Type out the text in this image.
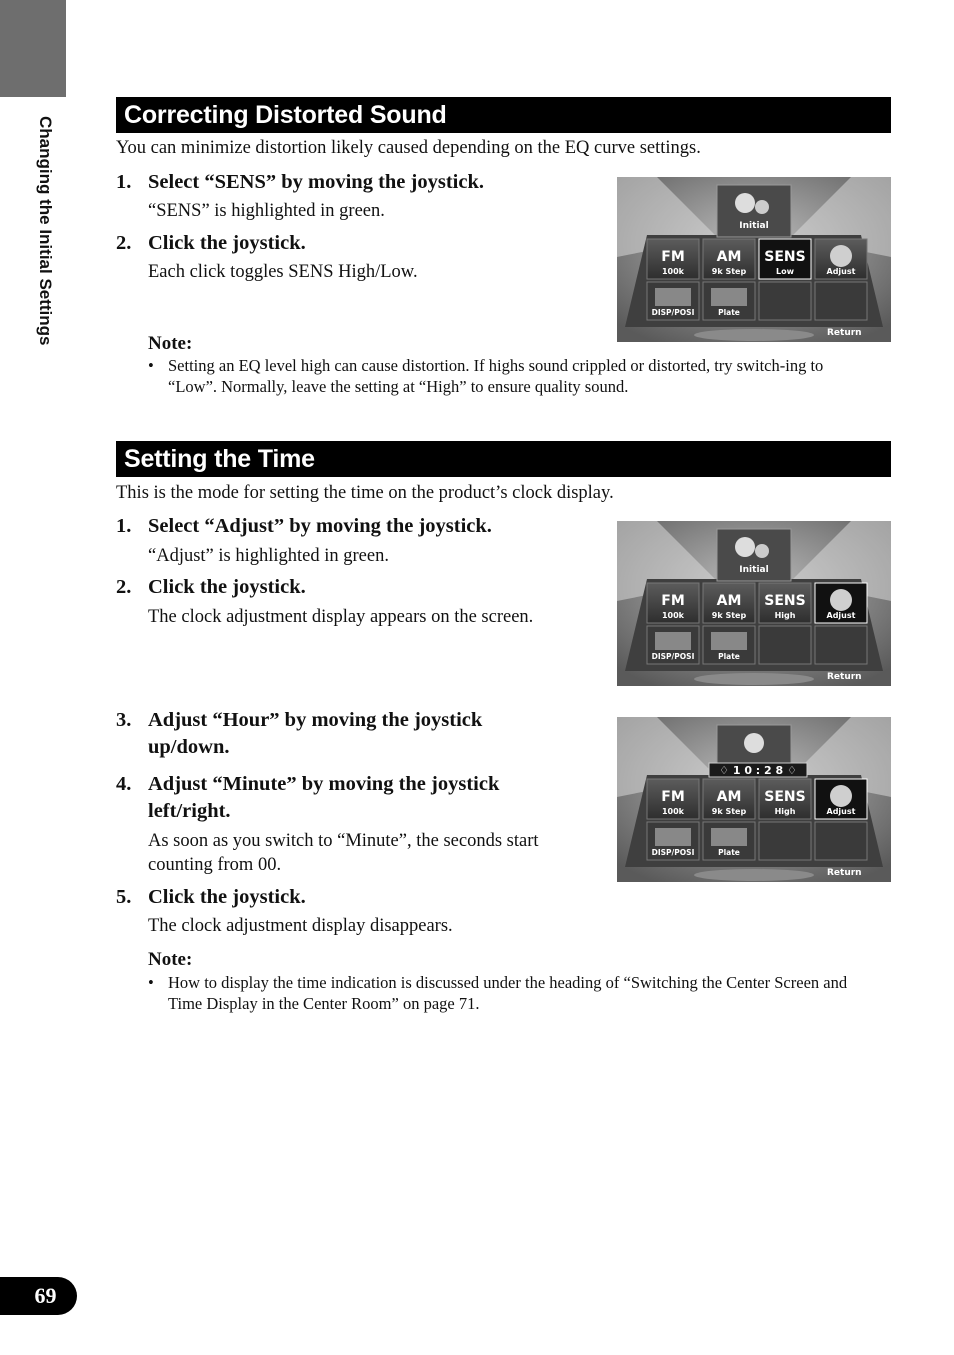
Changing the Initial Settings
Correcting Distorted Sound
You can minimize distortion likely caused depending on the EQ curve settings.
1. Select “SENS” by moving the joystick.
“SENS” is highlighted in green.
2. Click the joystick.
Each click toggles SENS High/Low.
Note:
• Setting an EQ level high can cause distortion. If highs sound crippled or distorted, try switch-ing to “Low”. Normally, leave the setting at “High” to ensure quality sound.
Setting the Time
This is the mode for setting the time on the product’s clock display.
1. Select “Adjust” by moving the joystick.
“Adjust” is highlighted in green.
2. Click the joystick.
The clock adjustment display appears on the screen.
3. Adjust “Hour” by moving the joystick up/down.
4. Adjust “Minute” by moving the joystick left/right.
As soon as you switch to “Minute”, the seconds start counting from 00.
5. Click the joystick.
The clock adjustment display disappears.
Note:
• How to display the time indication is discussed under the heading of “Switching the Center Screen and Time Display in the Center Room” on page 71.
Initial
FM
100k
AM
9k Step
SENS
Low	Adjust
DISP/POSI	Plate
Return
Initial
FM
100k
AM
9k Step
SENS
High	Adjust
DISP/POSI	Plate
Return
♢ 1 0 : 2 8 ♢
FM
100k
AM
9k Step
SENS
High	Adjust
DISP/POSI	Plate
Return
69
